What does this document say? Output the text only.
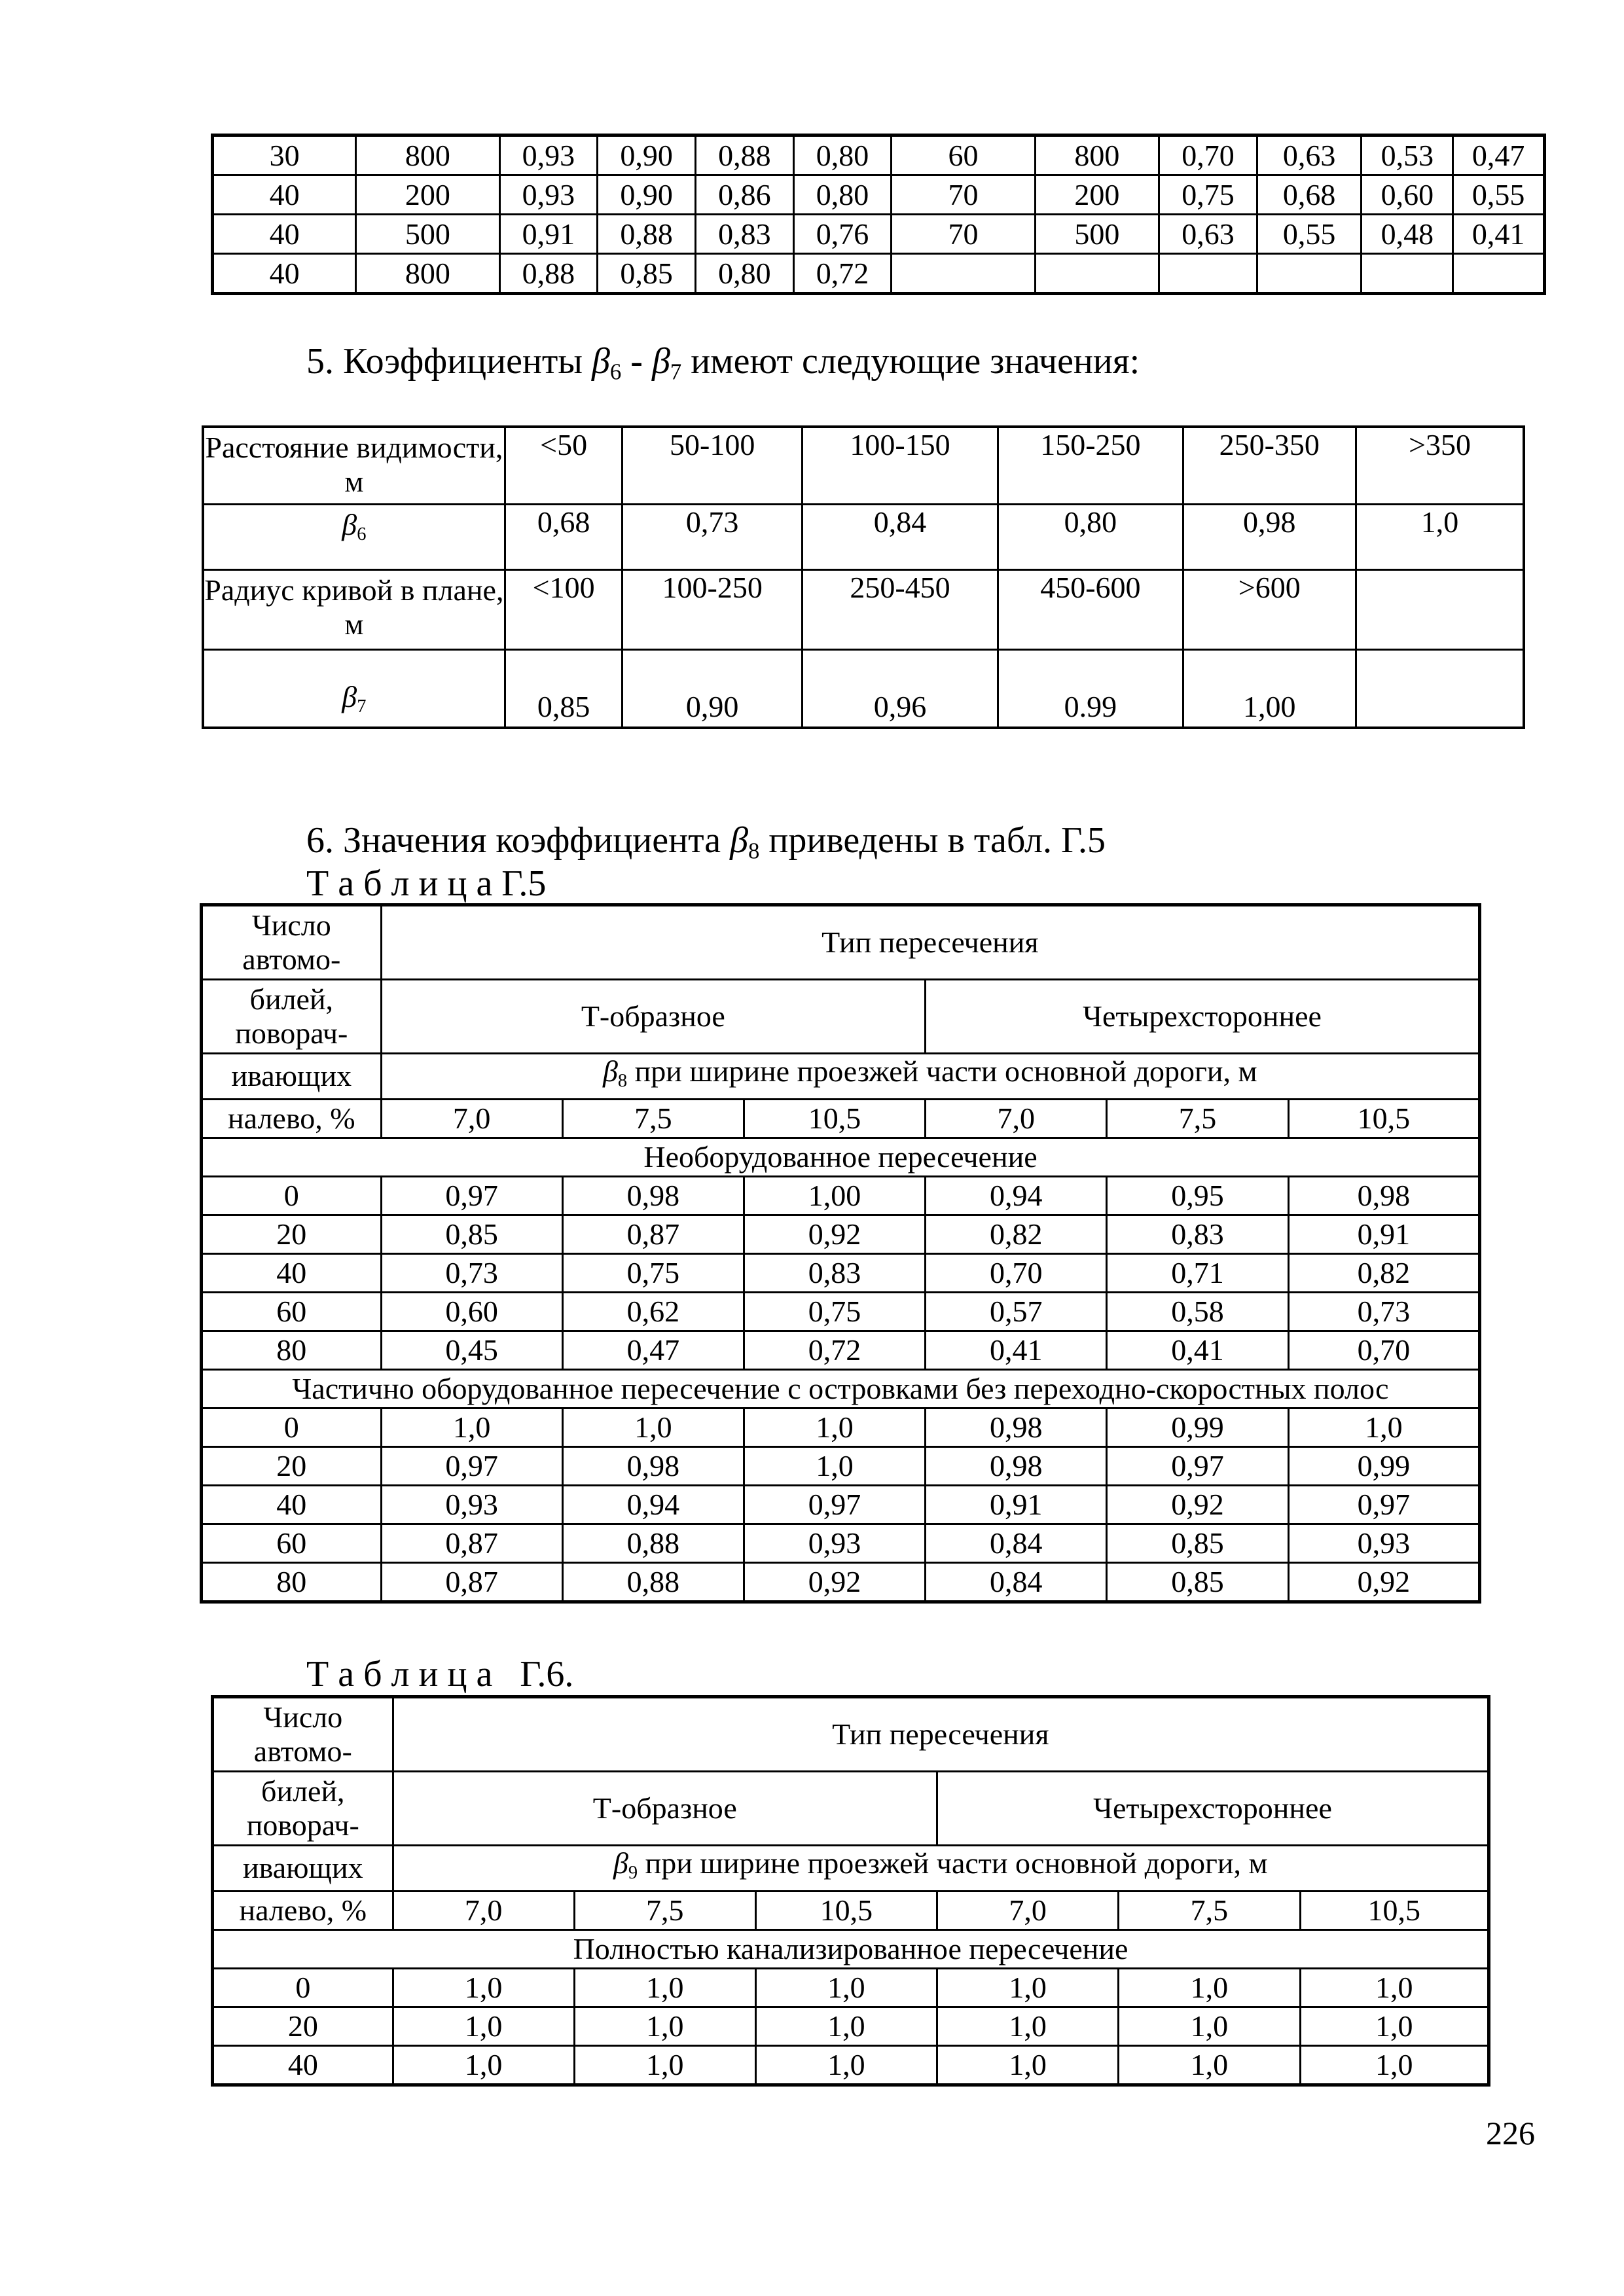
30	800	0,93	0,90	0,88	0,80	60	800	0,70	0,63	0,53	0,47
40	200	0,93	0,90	0,86	0,80	70	200	0,75	0,68	0,60	0,55
40	500	0,91	0,88	0,83	0,76	70	500	0,63	0,55	0,48	0,41
40	800	0,88	0,85	0,80	0,72						
5. Коэффициенты $\beta_6 - \beta_7$ имеют следующие значения:
Расстояние видимости, м	<50	50-100	100-150	150-250	250-350	>350
$\beta_6$	0,68	0,73	0,84	0,80	0,98	1,0
Радиус кривой в плане, м	<100	100-250	250-450	450-600	>600	
$\beta_7$	0,85	0,90	0,96	0.99	1,00	
6. Значения коэффициента $\beta_8$ приведены в табл. Г.5
Т а б л и ц а Г.5
Число
автомо-	Тип пересечения					
билей,
поворач-	Т-образное			Четырехстороннее		
ивающих	$\beta_8$ при ширине проезжей части основной дороги, м					
налево, %	7,0	7,5	10,5	7,0	7,5	10,5
Необорудованное пересечение						
0	0,97	0,98	1,00	0,94	0,95	0,98
20	0,85	0,87	0,92	0,82	0,83	0,91
40	0,73	0,75	0,83	0,70	0,71	0,82
60	0,60	0,62	0,75	0,57	0,58	0,73
80	0,45	0,47	0,72	0,41	0,41	0,70
Частично оборудованное пересечение с островками без переходно-скоростных полос						
0	1,0	1,0	1,0	0,98	0,99	1,0
20	0,97	0,98	1,0	0,98	0,97	0,99
40	0,93	0,94	0,97	0,91	0,92	0,97
60	0,87	0,88	0,93	0,84	0,85	0,93
80	0,87	0,88	0,92	0,84	0,85	0,92
Т а б л и ц а   Г.6.
Число
автомо-	Тип пересечения					
билей,
поворач-	Т-образное			Четырехстороннее		
ивающих	$\beta_9$ при ширине проезжей части основной дороги, м					
налево, %	7,0	7,5	10,5	7,0	7,5	10,5
Полностью канализированное пересечение						
0	1,0	1,0	1,0	1,0	1,0	1,0
20	1,0	1,0	1,0	1,0	1,0	1,0
40	1,0	1,0	1,0	1,0	1,0	1,0
226
